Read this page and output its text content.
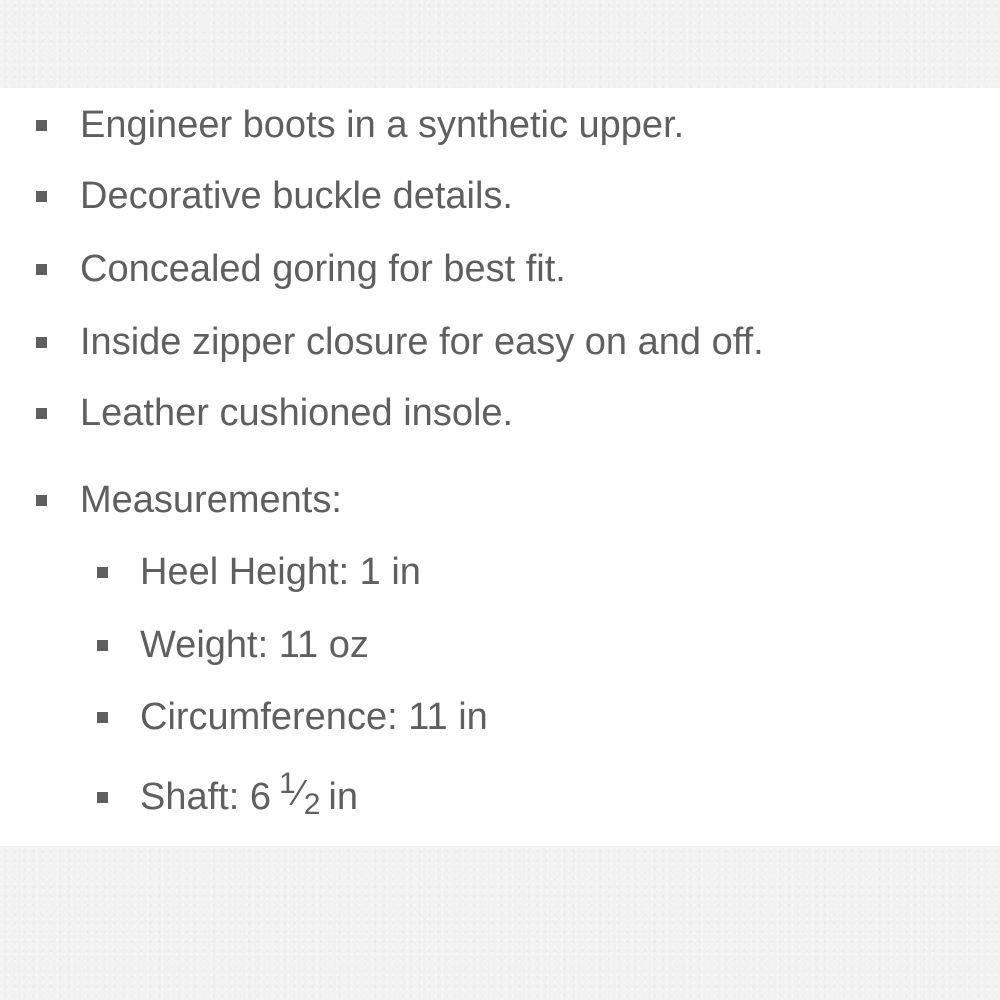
Engineer boots in a synthetic upper.
Decorative buckle details.
Concealed goring for best fit.
Inside zipper closure for easy on and off.
Leather cushioned insole.
Measurements:
Heel Height: 1 in
Weight: 11 oz
Circumference: 11 in
Shaft: 6 1 ⁄ 2 in
